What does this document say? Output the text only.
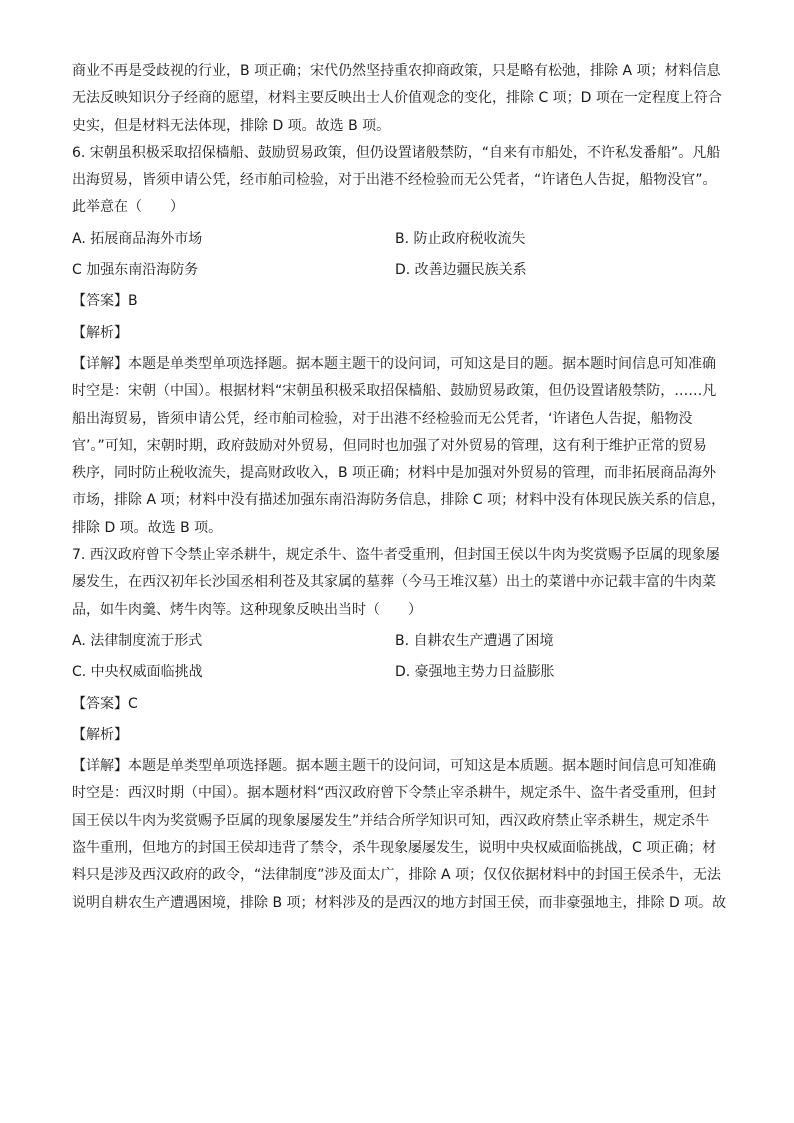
商业不再是受歧视的行业，B 项正确；宋代仍然坚持重农抑商政策，只是略有松弛，排除 A 项；材料信息
无法反映知识分子经商的愿望，材料主要反映出士人价值观念的变化，排除 C 项；D 项在一定程度上符合
史实，但是材料无法体现，排除 D 项。故选 B 项。
6. 宋朝虽积极采取招保樯船、鼓励贸易政策，但仍设置诸般禁防，“自来有市船处，不许私发番船”。凡船
出海贸易，皆须申请公凭，经市舶司检验，对于出港不经检验而无公凭者，“许诸色人告捉，船物没官”。
此举意在（　　）
A. 拓展商品海外市场	B. 防止政府税收流失
C 加强东南沿海防务	D. 改善边疆民族关系
【答案】B
【解析】
【详解】本题是单类型单项选择题。据本题主题干的设问词，可知这是目的题。据本题时间信息可知准确
时空是：宋朝（中国）。根据材料“宋朝虽积极采取招保樯船、鼓励贸易政策，但仍设置诸般禁防，……凡
船出海贸易，皆须申请公凭，经市舶司检验，对于出港不经检验而无公凭者，‘许诸色人告捉，船物没
官’。”可知，宋朝时期，政府鼓励对外贸易，但同时也加强了对外贸易的管理，这有利于维护正常的贸易
秩序，同时防止税收流失，提高财政收入，B 项正确；材料中是加强对外贸易的管理，而非拓展商品海外
市场，排除 A 项；材料中没有描述加强东南沿海防务信息，排除 C 项；材料中没有体现民族关系的信息，
排除 D 项。故选 B 项。
7. 西汉政府曾下令禁止宰杀耕牛，规定杀牛、盗牛者受重刑，但封国王侯以牛肉为奖赏赐予臣属的现象屡
屡发生，在西汉初年长沙国丞相利苍及其家属的墓葬（今马王堆汉墓）出土的菜谱中亦记载丰富的牛肉菜
品，如牛肉羹、烤牛肉等。这种现象反映出当时（　　）
A. 法律制度流于形式	B. 自耕农生产遭遇了困境
C. 中央权威面临挑战	D. 豪强地主势力日益膨胀
【答案】C
【解析】
【详解】本题是单类型单项选择题。据本题主题干的设问词，可知这是本质题。据本题时间信息可知准确
时空是：西汉时期（中国）。据本题材料“西汉政府曾下令禁止宰杀耕牛，规定杀牛、盗牛者受重刑，但封
国王侯以牛肉为奖赏赐予臣属的现象屡屡发生”并结合所学知识可知，西汉政府禁止宰杀耕生，规定杀牛
盗牛重刑，但地方的封国王侯却违背了禁令，杀牛现象屡屡发生，说明中央权威面临挑战，C 项正确；材
料只是涉及西汉政府的政令，“法律制度”涉及面太广，排除 A 项；仅仅依据材料中的封国王侯杀牛，无法
说明自耕农生产遭遇困境，排除 B 项；材料涉及的是西汉的地方封国王侯，而非豪强地主，排除 D 项。故
